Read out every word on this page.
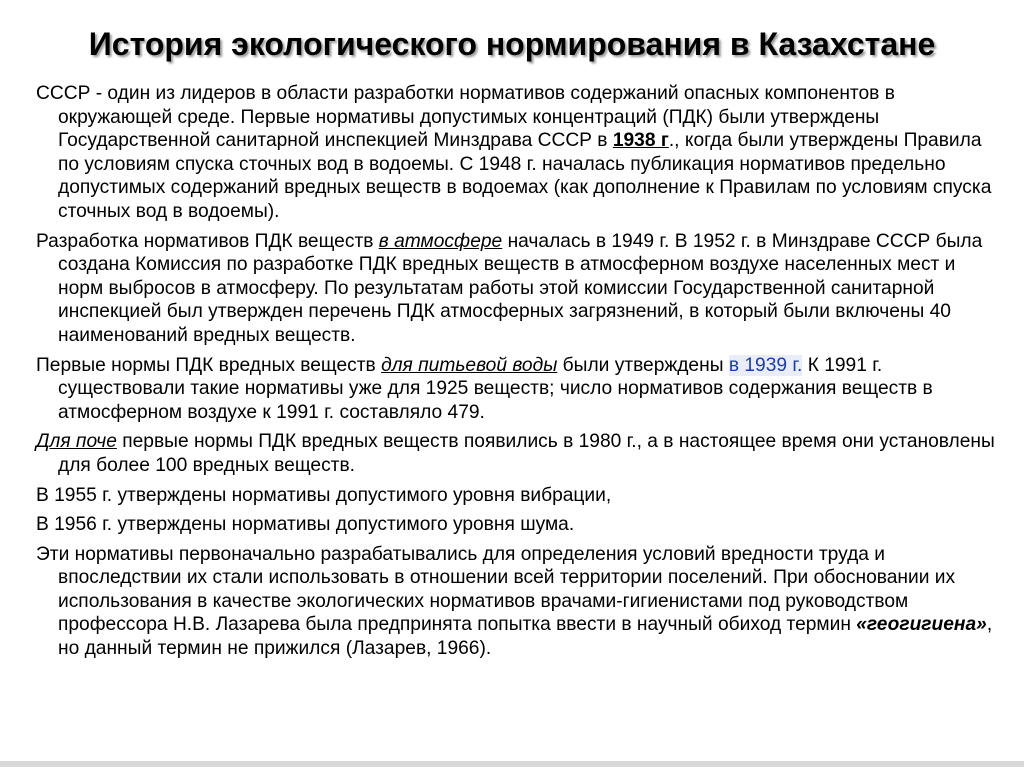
История экологического нормирования в Казахстане

СССР - один из лидеров в области разработки нормативов содержаний опасных компонентов в окружающей среде. Первые нормативы допустимых концентраций (ПДК) были утверждены Государственной санитарной инспекцией Минздрава СССР в 1938 г., когда были утверждены Правила по условиям спуска сточных вод в водоемы. С 1948 г. началась публикация нормативов предельно допустимых содержаний вредных веществ в водоемах (как дополнение к Правилам по условиям спуска сточных вод в водоемы).

Разработка нормативов ПДК веществ в атмосфере началась в 1949 г. В 1952 г. в Минздраве СССР была создана Комиссия по разработке ПДК вредных веществ в атмосферном воздухе населенных мест и норм выбросов в атмосферу. По результатам работы этой комиссии Государственной санитарной инспекцией был утвержден перечень ПДК атмосферных загрязнений, в который были включены 40 наименований вредных веществ.

Первые нормы ПДК вредных веществ для питьевой воды были утверждены в 1939 г. К 1991 г. существовали такие нормативы уже для 1925 веществ; число нормативов содержания веществ в атмосферном воздухе к 1991 г. составляло 479.

Для поче первые нормы ПДК вредных веществ появились в 1980 г., а в настоящее время они установлены для более 100 вредных веществ.

В 1955 г. утверждены нормативы допустимого уровня вибрации,

В 1956 г. утверждены нормативы допустимого уровня шума.

Эти нормативы первоначально разрабатывались для определения условий вредности труда и впоследствии их стали использовать в отношении всей территории поселений. При обосновании их использования в качестве экологических нормативов врачами-гигиенистами под руководством профессора Н.В. Лазарева была предпринята попытка ввести в научный обиход термин «геогигиена», но данный термин не прижился (Лазарев, 1966).
